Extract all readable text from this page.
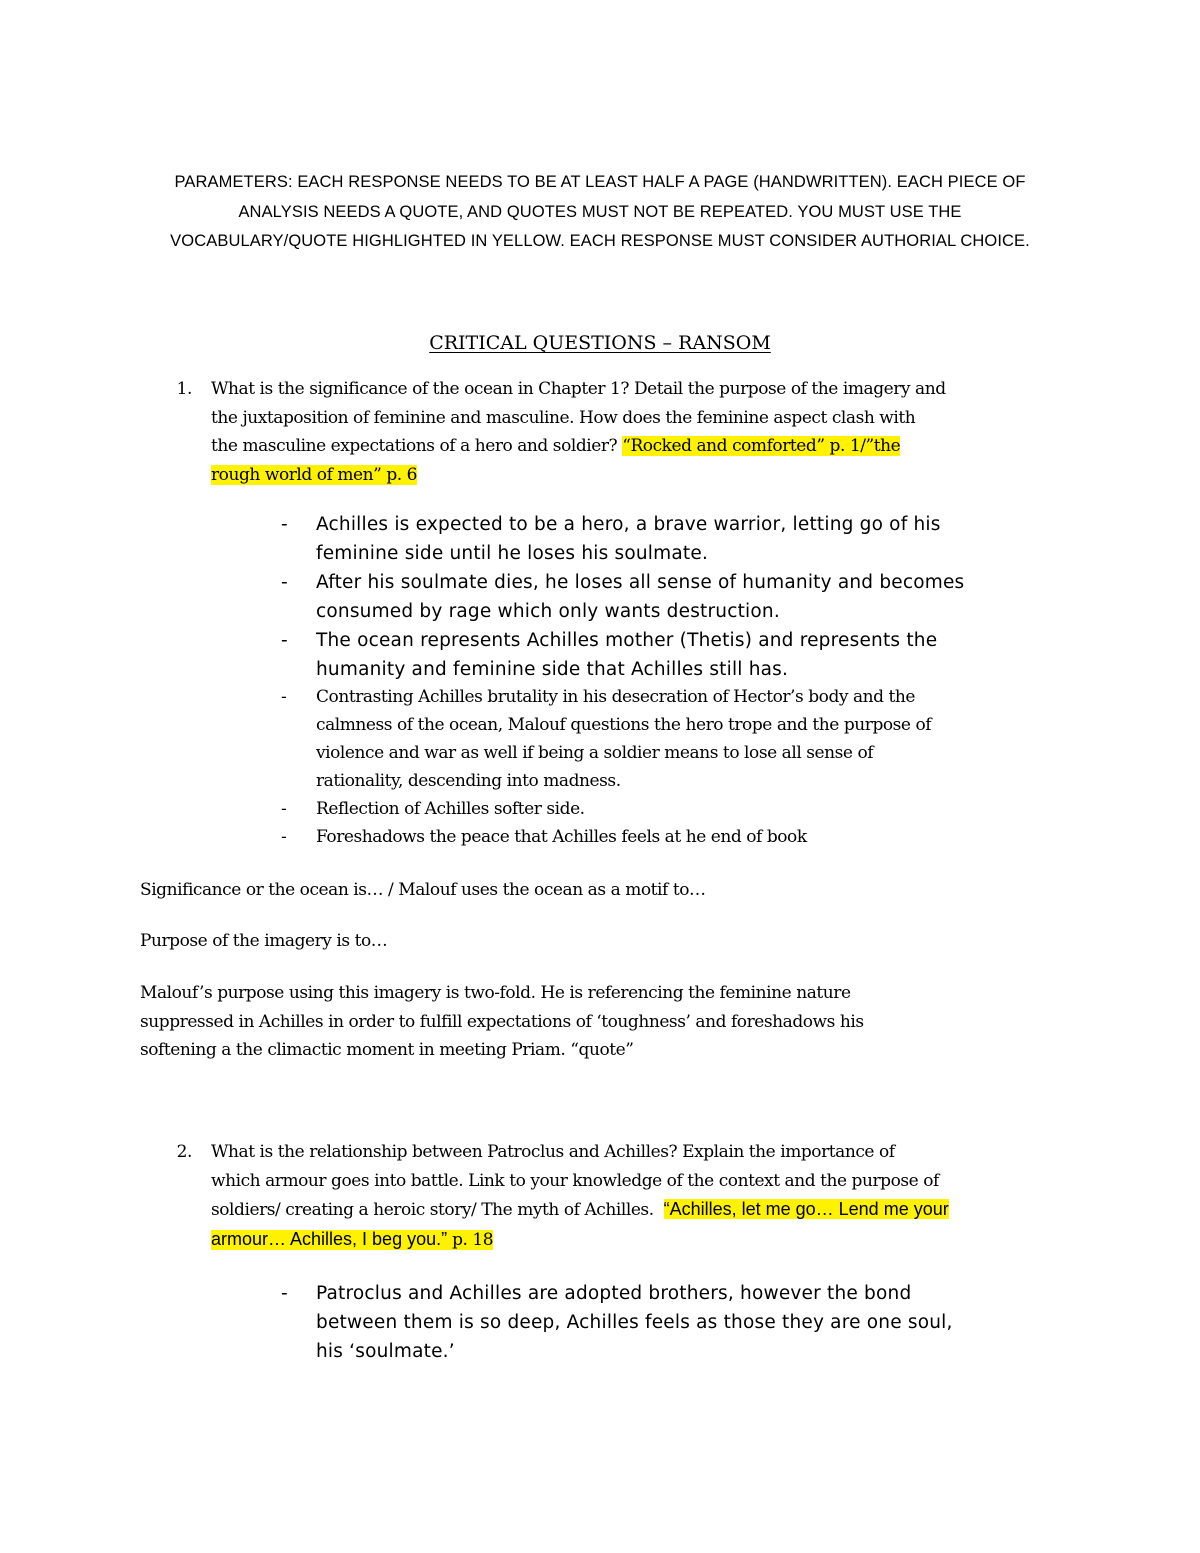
PARAMETERS: EACH RESPONSE NEEDS TO BE AT LEAST HALF A PAGE (HANDWRITTEN). EACH PIECE OF
ANALYSIS NEEDS A QUOTE, AND QUOTES MUST NOT BE REPEATED. YOU MUST USE THE
VOCABULARY/QUOTE HIGHLIGHTED IN YELLOW. EACH RESPONSE MUST CONSIDER AUTHORIAL CHOICE.
CRITICAL QUESTIONS – RANSOM
1. What is the significance of the ocean in Chapter 1? Detail the purpose of the imagery and
the juxtaposition of feminine and masculine. How does the feminine aspect clash with
the masculine expectations of a hero and soldier? “Rocked and comforted” p. 1/”the
rough world of men” p. 6
- Achilles is expected to be a hero, a brave warrior, letting go of his
feminine side until he loses his soulmate.
- After his soulmate dies, he loses all sense of humanity and becomes
consumed by rage which only wants destruction.
- The ocean represents Achilles mother (Thetis) and represents the
humanity and feminine side that Achilles still has.
- Contrasting Achilles brutality in his desecration of Hector’s body and the
calmness of the ocean, Malouf questions the hero trope and the purpose of
violence and war as well if being a soldier means to lose all sense of
rationality, descending into madness.
- Reflection of Achilles softer side.
- Foreshadows the peace that Achilles feels at he end of book
Significance or the ocean is… / Malouf uses the ocean as a motif to…
Purpose of the imagery is to…
Malouf’s purpose using this imagery is two-fold. He is referencing the feminine nature
suppressed in Achilles in order to fulfill expectations of ‘toughness’ and foreshadows his
softening a the climactic moment in meeting Priam. “quote”
2. What is the relationship between Patroclus and Achilles? Explain the importance of
which armour goes into battle. Link to your knowledge of the context and the purpose of
soldiers/ creating a heroic story/ The myth of Achilles. “Achilles, let me go… Lend me your
armour… Achilles, I beg you.” p. 18
- Patroclus and Achilles are adopted brothers, however the bond
between them is so deep, Achilles feels as those they are one soul,
his ‘soulmate.’
